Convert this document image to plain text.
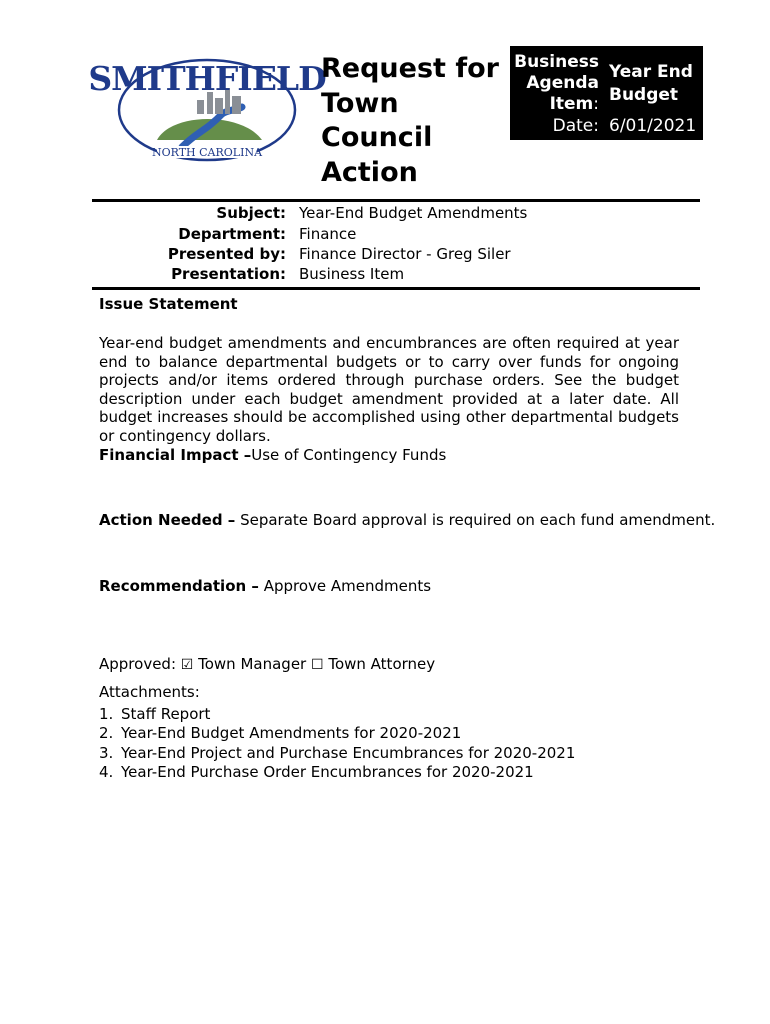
SMITHFIELD
NORTH CAROLINA
Request for
Town
Council
Action
Business
Agenda
Item:
Year End
Budget
Date: 6/01/2021
Subject: Year-End Budget Amendments
Department: Finance
Presented by: Finance Director - Greg Siler
Presentation: Business Item
Issue Statement
Year-end budget amendments and encumbrances are often required at year end to balance departmental budgets or to carry over funds for ongoing projects and/or items ordered through purchase orders. See the budget description under each budget amendment provided at a later date. All budget increases should be accomplished using other departmental budgets or contingency dollars.
Financial Impact –Use of Contingency Funds
Action Needed – Separate Board approval is required on each fund amendment.
Recommendation – Approve Amendments
Approved: ☑ Town Manager ☐ Town Attorney
Attachments:
1. Staff Report
2. Year-End Budget Amendments for 2020-2021
3. Year-End Project and Purchase Encumbrances for 2020-2021
4. Year-End Purchase Order Encumbrances for 2020-2021
